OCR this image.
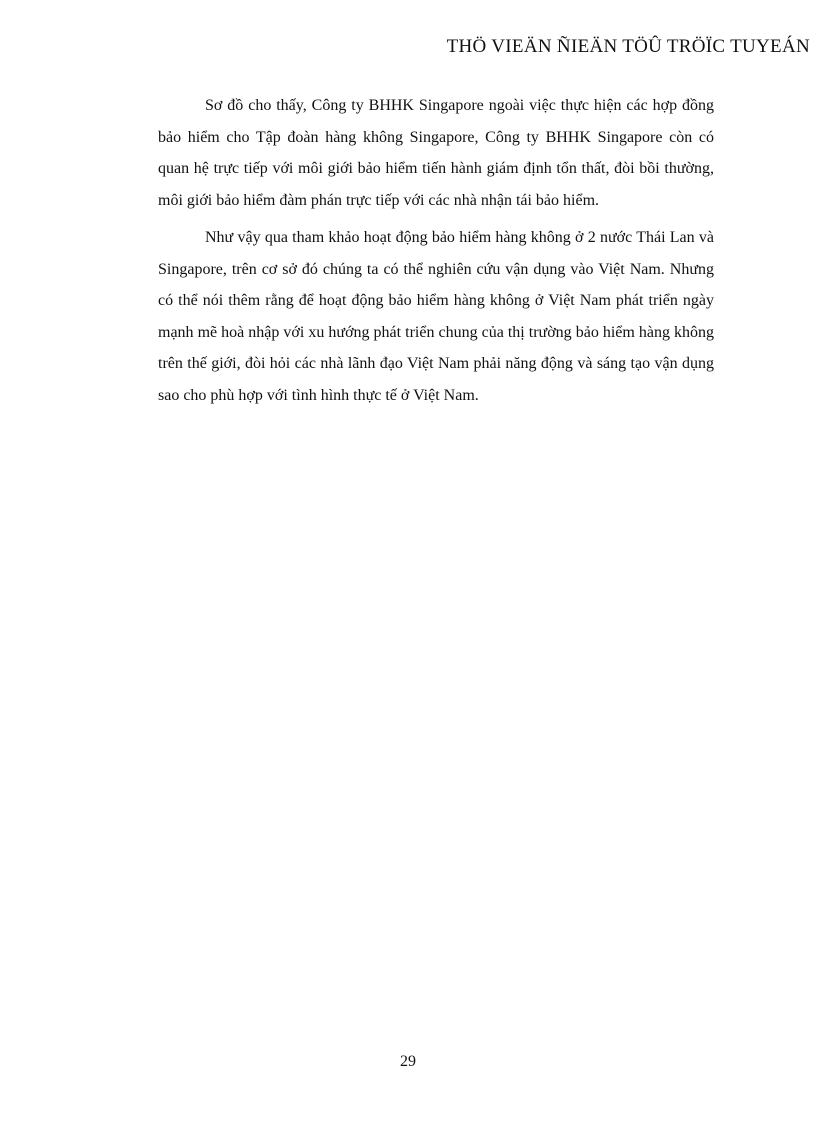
THÖ VIEÄN ÑIEÄN TÖÛ TRÖÏC TUYEÁN

Sơ đồ cho thấy, Công ty BHHK Singapore ngoài việc thực hiện các hợp đồng bảo hiểm cho Tập đoàn hàng không Singapore, Công ty BHHK Singapore còn có quan hệ trực tiếp với môi giới bảo hiểm tiến hành giám định tổn thất, đòi bồi thường, môi giới bảo hiểm đàm phán trực tiếp với các nhà nhận tái bảo hiểm.

Như vậy qua tham khảo hoạt động bảo hiểm hàng không ở 2 nước Thái Lan và Singapore, trên cơ sở đó chúng ta có thể nghiên cứu vận dụng vào Việt Nam. Nhưng có thể nói thêm rằng để hoạt động bảo hiểm hàng không ở Việt Nam phát triển ngày mạnh mẽ hoà nhập với xu hướng phát triển chung của thị trường bảo hiểm hàng không trên thế giới, đòi hỏi các nhà lãnh đạo Việt Nam phải năng động và sáng tạo vận dụng sao cho phù hợp với tình hình thực tế ở Việt Nam.

29
